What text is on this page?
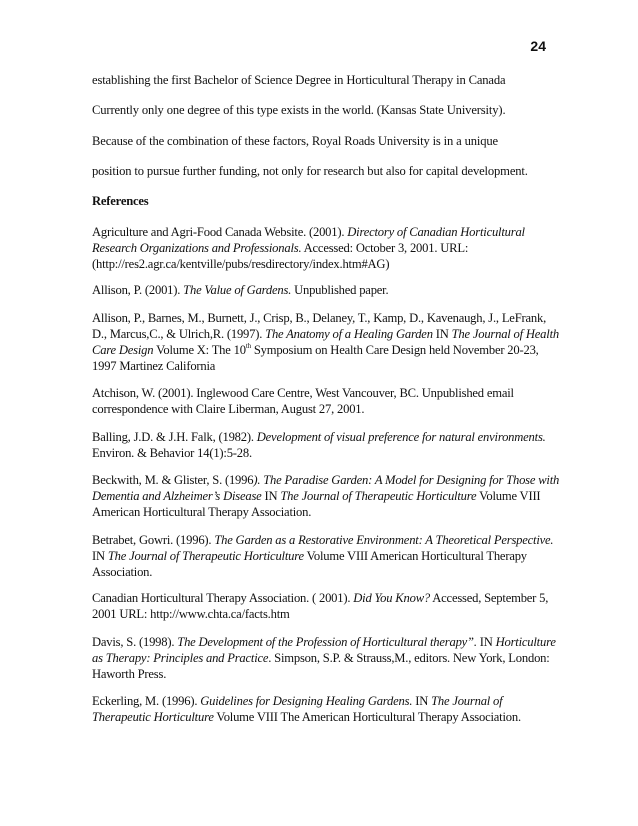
24

establishing the first Bachelor of Science Degree in Horticultural Therapy in Canada

Currently only one degree of this type exists in the world. (Kansas State University).

Because of the combination of these factors, Royal Roads University is in a unique

position to pursue further funding, not only for research but also for capital development.

References

Agriculture and Agri-Food Canada Website. (2001). Directory of Canadian Horticultural Research Organizations and Professionals. Accessed: October 3, 2001. URL: (http://res2.agr.ca/kentville/pubs/resdirectory/index.htm#AG)

Allison, P. (2001). The Value of Gardens. Unpublished paper.

Allison, P., Barnes, M., Burnett, J., Crisp, B., Delaney, T., Kamp, D., Kavenaugh, J., LeFrank, D., Marcus,C., & Ulrich,R. (1997). The Anatomy of a Healing Garden IN The Journal of Health Care Design Volume X: The 10th Symposium on Health Care Design held November 20-23, 1997 Martinez California

Atchison, W. (2001). Inglewood Care Centre, West Vancouver, BC. Unpublished email correspondence with Claire Liberman, August 27, 2001.

Balling, J.D. & J.H. Falk, (1982). Development of visual preference for natural environments. Environ. & Behavior 14(1):5-28.

Beckwith, M. & Glister, S. (1996). The Paradise Garden: A Model for Designing for Those with Dementia and Alzheimer’s Disease IN The Journal of Therapeutic Horticulture Volume VIII American Horticultural Therapy Association.

Betrabet, Gowri. (1996). The Garden as a Restorative Environment: A Theoretical Perspective. IN The Journal of Therapeutic Horticulture Volume VIII American Horticultural Therapy Association.

Canadian Horticultural Therapy Association. ( 2001). Did You Know? Accessed, September 5, 2001 URL: http://www.chta.ca/facts.htm

Davis, S. (1998). The Development of the Profession of Horticultural therapy”. IN Horticulture as Therapy: Principles and Practice. Simpson, S.P. & Strauss,M., editors. New York, London: Haworth Press.

Eckerling, M. (1996). Guidelines for Designing Healing Gardens. IN The Journal of Therapeutic Horticulture Volume VIII The American Horticultural Therapy Association.
